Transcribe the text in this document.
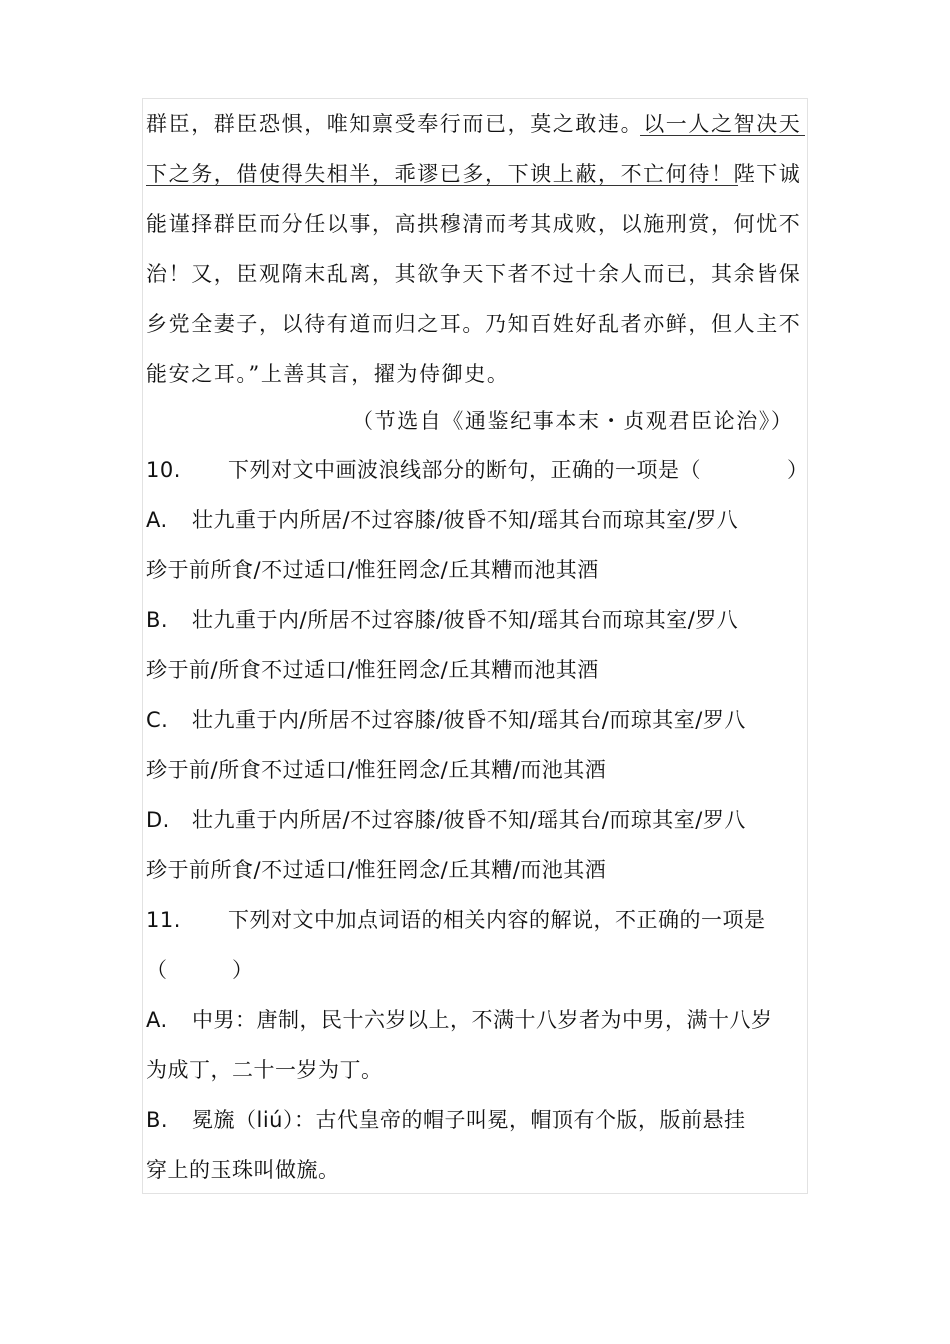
群臣，群臣恐惧，唯知禀受奉行而已，莫之敢违。以一人之智决天
下之务，借使得失相半，乖谬已多，下谀上蔽，不亡何待！陛下诚
能谨择群臣而分任以事，高拱穆清而考其成败，以施刑赏，何忧不
治！又，臣观隋末乱离，其欲争天下者不过十余人而已，其余皆保
乡党全妻子，以待有道而归之耳。乃知百姓好乱者亦鲜，但人主不
能安之耳。”上善其言，擢为侍御史。
（节选自《通鉴纪事本末・贞观君臣论治》）
10. 下列对文中画波浪线部分的断句，正确的一项是（　　　　）
A. 壮九重于内所居/不过容膝/彼昏不知/瑶其台而琼其室/罗八
珍于前所食/不过适口/惟狂罔念/丘其糟而池其酒
B. 壮九重于内/所居不过容膝/彼昏不知/瑶其台而琼其室/罗八
珍于前/所食不过适口/惟狂罔念/丘其糟而池其酒
C. 壮九重于内/所居不过容膝/彼昏不知/瑶其台/而琼其室/罗八
珍于前/所食不过适口/惟狂罔念/丘其糟/而池其酒
D. 壮九重于内所居/不过容膝/彼昏不知/瑶其台/而琼其室/罗八
珍于前所食/不过适口/惟狂罔念/丘其糟/而池其酒
11. 下列对文中加点词语的相关内容的解说，不正确的一项是
（　　　）
A. 中男：唐制，民十六岁以上，不满十八岁者为中男，满十八岁
为成丁，二十一岁为丁。
B. 冕旒（liú）：古代皇帝的帽子叫冕，帽顶有个版，版前悬挂
穿上的玉珠叫做旒。
